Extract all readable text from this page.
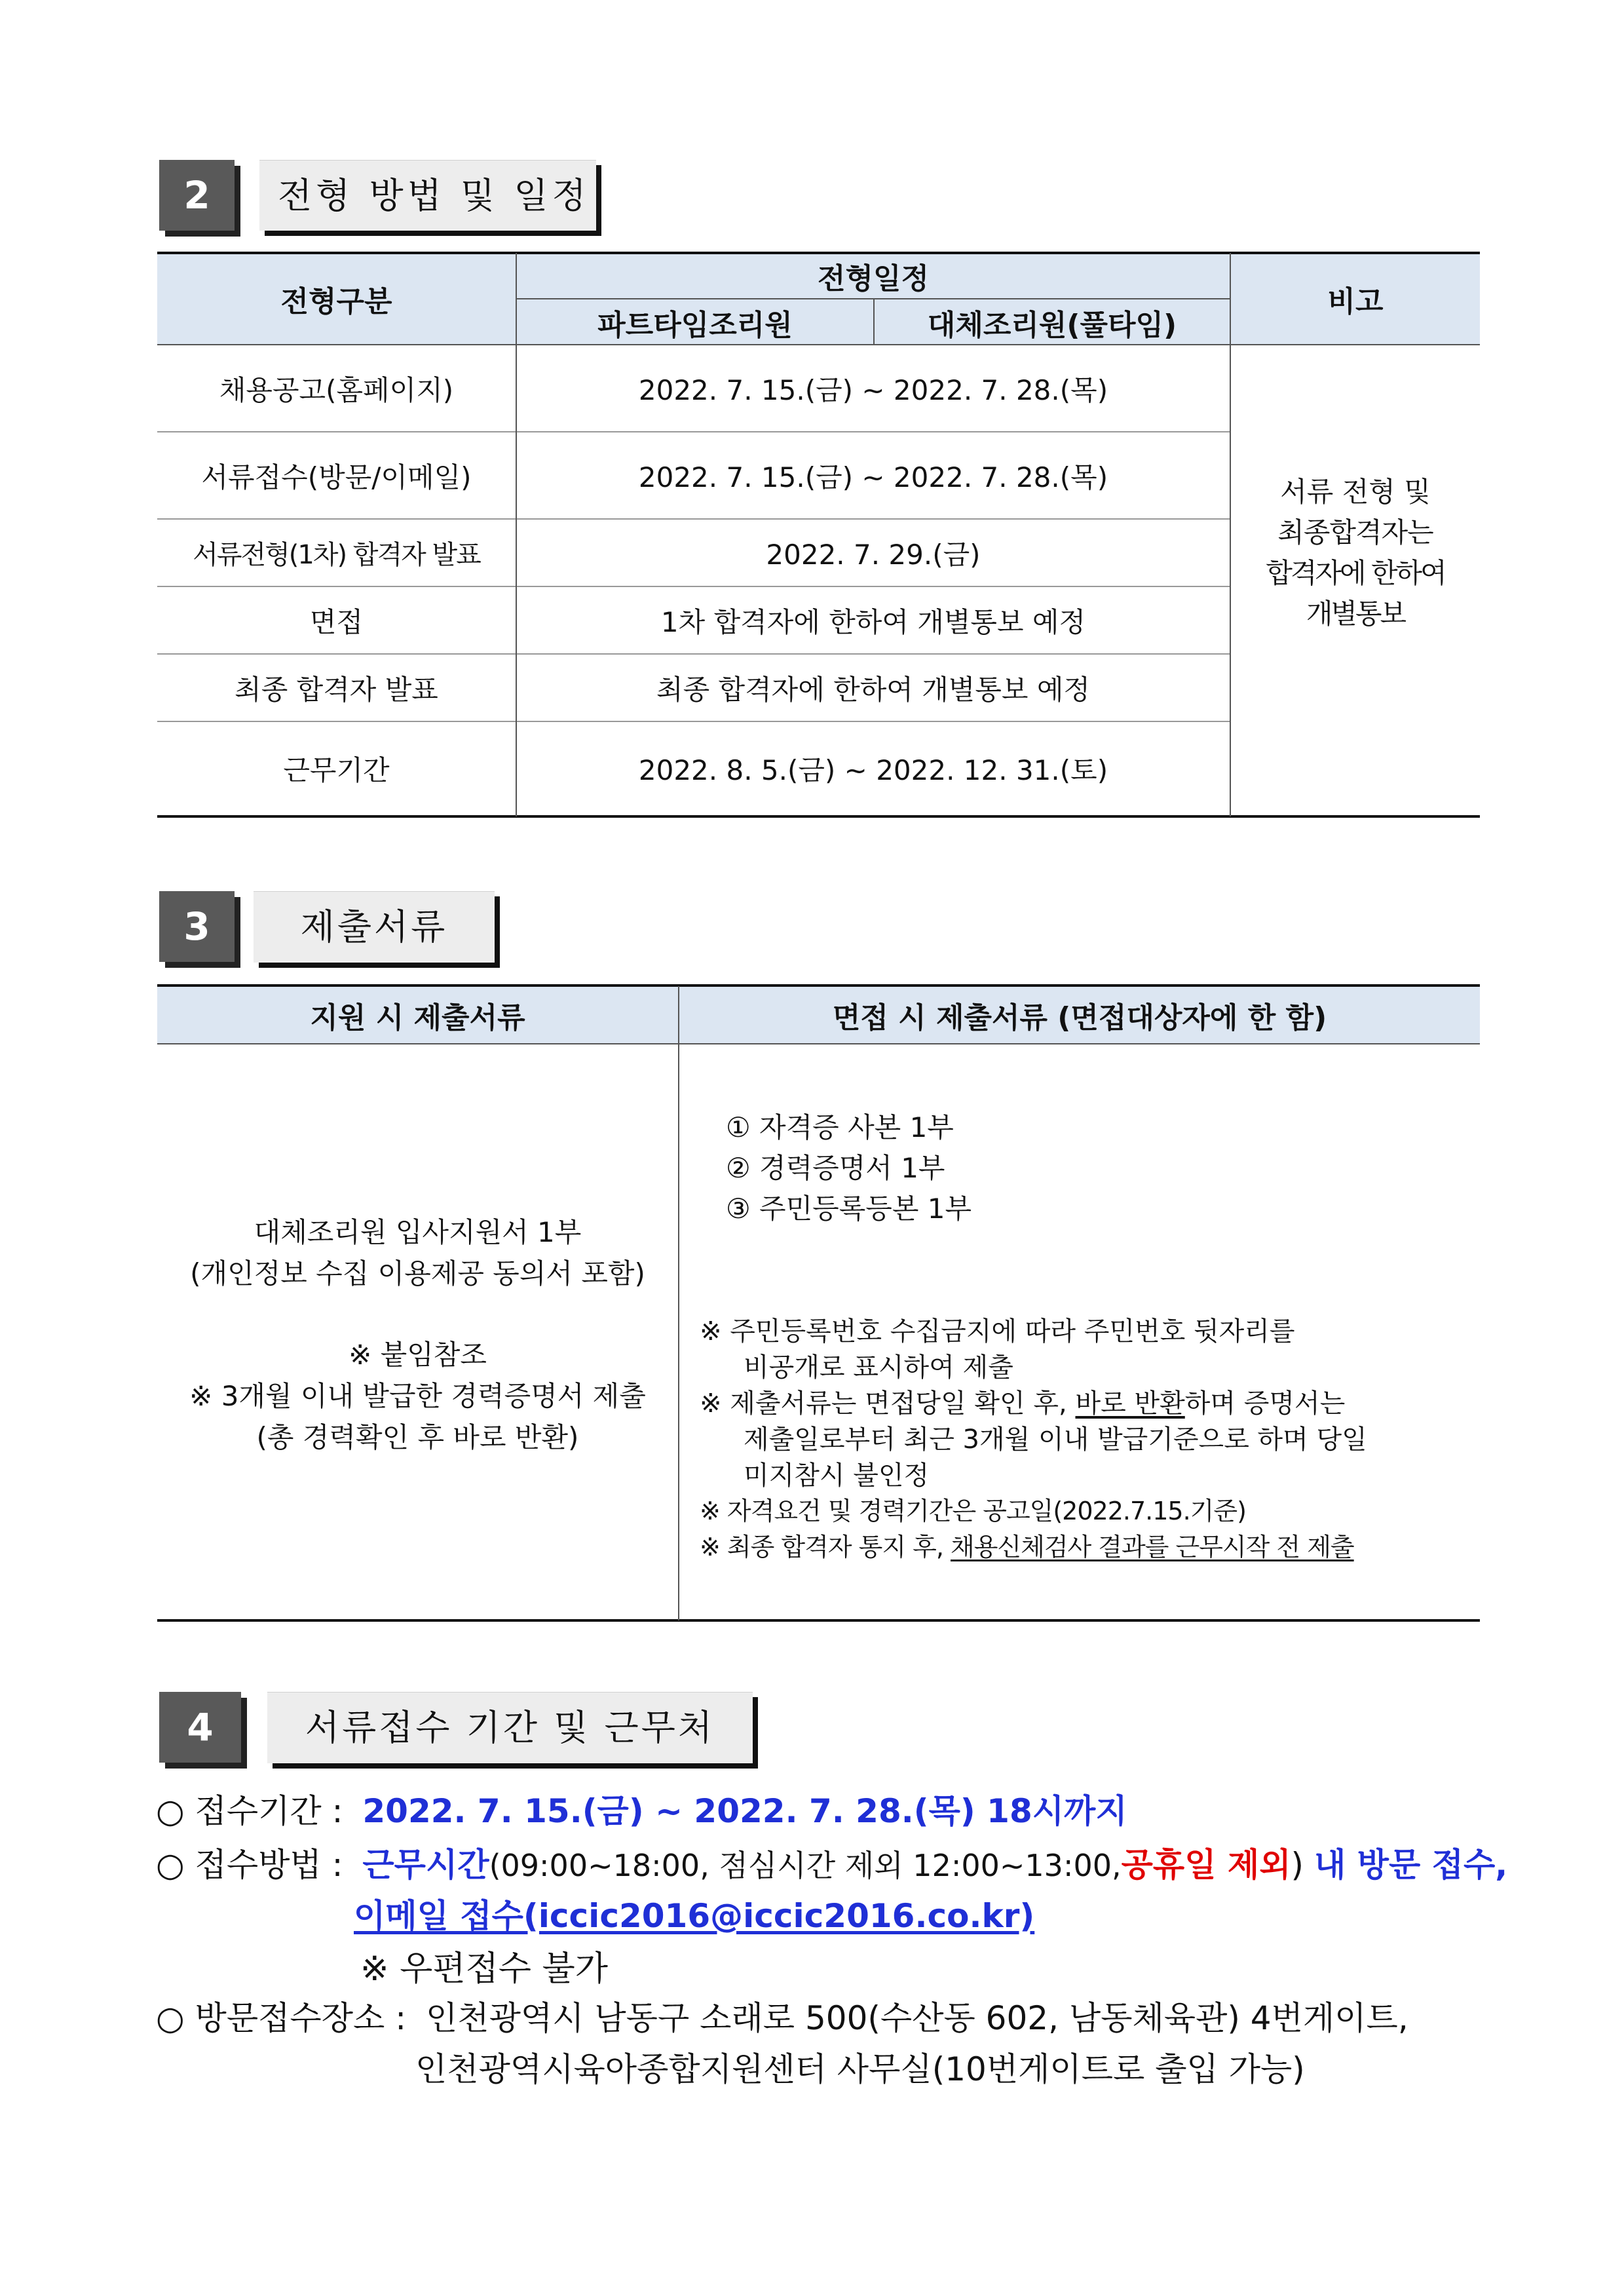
2	전형 방법 및 일정
전형구분
전형일정
파트타임조리원	대체조리원(풀타임)
비고
채용공고(홈페이지)	2022. 7. 15.(금) ~ 2022. 7. 28.(목)
서류접수(방문/이메일)	2022. 7. 15.(금) ~ 2022. 7. 28.(목)
서류전형(1차) 합격자 발표	2022. 7. 29.(금)
면접	1차 합격자에 한하여 개별통보 예정
최종 합격자 발표	최종 합격자에 한하여 개별통보 예정
근무기간	2022. 8. 5.(금) ~ 2022. 12. 31.(토)
서류 전형 및
최종합격자는
합격자에 한하여
개별통보
3	제출서류
지원 시 제출서류	면접 시 제출서류 (면접대상자에 한 함)
대체조리원 입사지원서 1부
(개인정보 수집 이용제공 동의서 포함)
※ 붙임참조
※ 3개월 이내 발급한 경력증명서 제출
(총 경력확인 후 바로 반환)
① 자격증 사본 1부
② 경력증명서 1부
③ 주민등록등본 1부
※ 주민등록번호 수집금지에 따라 주민번호 뒷자리를
비공개로 표시하여 제출
※ 제출서류는 면접당일 확인 후, 바로 반환하며 증명서는
제출일로부터 최근 3개월 이내 발급기준으로 하며 당일
미지참시 불인정
※ 자격요건 및 경력기간은 공고일(2022.7.15.기준)
※ 최종 합격자 통지 후, 채용신체검사 결과를 근무시작 전 제출
4	서류접수 기간 및 근무처
○ 접수기간 : 2022. 7. 15.(금) ~ 2022. 7. 28.(목) 18시까지
○ 접수방법 : 근무시간(09:00~18:00, 점심시간 제외 12:00~13:00,공휴일 제외) 내 방문 접수,
이메일 접수(iccic2016@iccic2016.co.kr)
※ 우편접수 불가
○ 방문접수장소 : 인천광역시 남동구 소래로 500(수산동 602, 남동체육관) 4번게이트,
인천광역시육아종합지원센터 사무실(10번게이트로 출입 가능)
